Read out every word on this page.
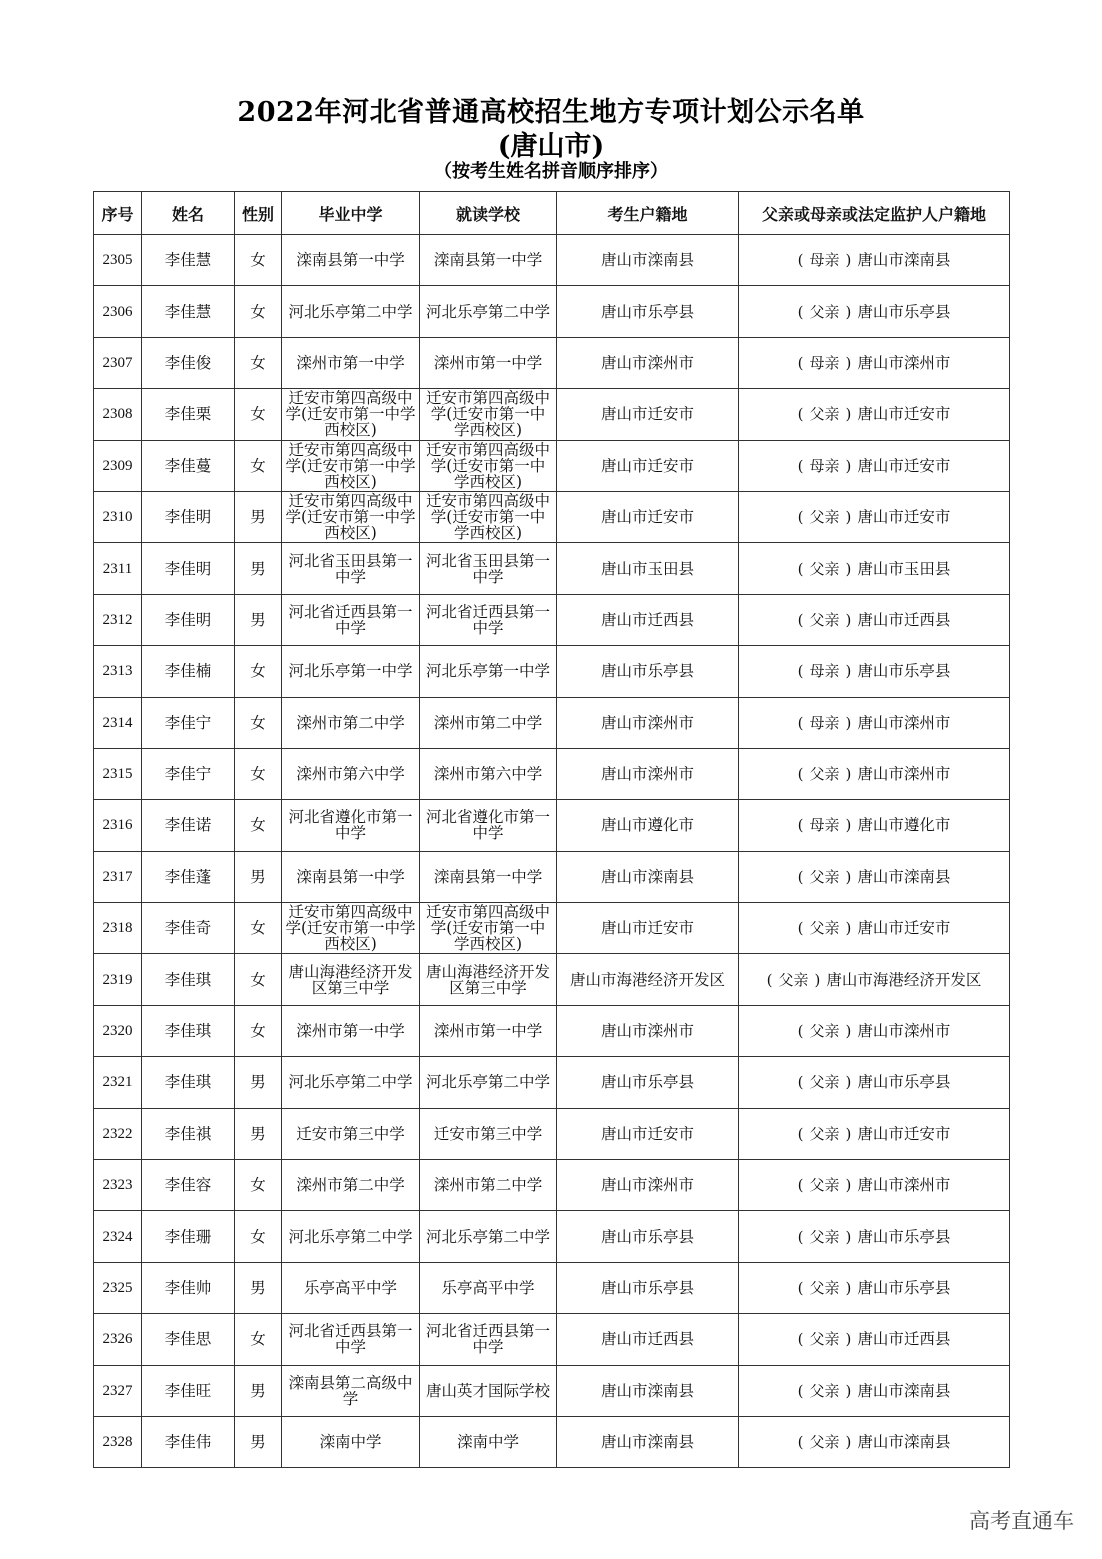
2022年河北省普通高校招生地方专项计划公示名单
(唐山市)
（按考生姓名拼音顺序排序）
序号	姓名	性别	毕业中学	就读学校	考生户籍地	父亲或母亲或法定监护人户籍地
2305	李佳慧	女	滦南县第一中学	滦南县第一中学	唐山市滦南县	( 母亲 ) 唐山市滦南县
2306	李佳慧	女	河北乐亭第二中学	河北乐亭第二中学	唐山市乐亭县	( 父亲 ) 唐山市乐亭县
2307	李佳俊	女	滦州市第一中学	滦州市第一中学	唐山市滦州市	( 母亲 ) 唐山市滦州市
2308	李佳栗	女	迁安市第四高级中学(迁安市第一中学西校区)	迁安市第四高级中学(迁安市第一中学西校区)	唐山市迁安市	( 父亲 ) 唐山市迁安市
2309	李佳蔓	女	迁安市第四高级中学(迁安市第一中学西校区)	迁安市第四高级中学(迁安市第一中学西校区)	唐山市迁安市	( 母亲 ) 唐山市迁安市
2310	李佳明	男	迁安市第四高级中学(迁安市第一中学西校区)	迁安市第四高级中学(迁安市第一中学西校区)	唐山市迁安市	( 父亲 ) 唐山市迁安市
2311	李佳明	男	河北省玉田县第一中学	河北省玉田县第一中学	唐山市玉田县	( 父亲 ) 唐山市玉田县
2312	李佳明	男	河北省迁西县第一中学	河北省迁西县第一中学	唐山市迁西县	( 父亲 ) 唐山市迁西县
2313	李佳楠	女	河北乐亭第一中学	河北乐亭第一中学	唐山市乐亭县	( 母亲 ) 唐山市乐亭县
2314	李佳宁	女	滦州市第二中学	滦州市第二中学	唐山市滦州市	( 母亲 ) 唐山市滦州市
2315	李佳宁	女	滦州市第六中学	滦州市第六中学	唐山市滦州市	( 父亲 ) 唐山市滦州市
2316	李佳诺	女	河北省遵化市第一中学	河北省遵化市第一中学	唐山市遵化市	( 母亲 ) 唐山市遵化市
2317	李佳蓬	男	滦南县第一中学	滦南县第一中学	唐山市滦南县	( 父亲 ) 唐山市滦南县
2318	李佳奇	女	迁安市第四高级中学(迁安市第一中学西校区)	迁安市第四高级中学(迁安市第一中学西校区)	唐山市迁安市	( 父亲 ) 唐山市迁安市
2319	李佳琪	女	唐山海港经济开发区第三中学	唐山海港经济开发区第三中学	唐山市海港经济开发区	( 父亲 ) 唐山市海港经济开发区
2320	李佳琪	女	滦州市第一中学	滦州市第一中学	唐山市滦州市	( 父亲 ) 唐山市滦州市
2321	李佳琪	男	河北乐亭第二中学	河北乐亭第二中学	唐山市乐亭县	( 父亲 ) 唐山市乐亭县
2322	李佳祺	男	迁安市第三中学	迁安市第三中学	唐山市迁安市	( 父亲 ) 唐山市迁安市
2323	李佳容	女	滦州市第二中学	滦州市第二中学	唐山市滦州市	( 父亲 ) 唐山市滦州市
2324	李佳珊	女	河北乐亭第二中学	河北乐亭第二中学	唐山市乐亭县	( 父亲 ) 唐山市乐亭县
2325	李佳帅	男	乐亭高平中学	乐亭高平中学	唐山市乐亭县	( 父亲 ) 唐山市乐亭县
2326	李佳思	女	河北省迁西县第一中学	河北省迁西县第一中学	唐山市迁西县	( 父亲 ) 唐山市迁西县
2327	李佳旺	男	滦南县第二高级中学	唐山英才国际学校	唐山市滦南县	( 父亲 ) 唐山市滦南县
2328	李佳伟	男	滦南中学	滦南中学	唐山市滦南县	( 父亲 ) 唐山市滦南县
高考直通车
